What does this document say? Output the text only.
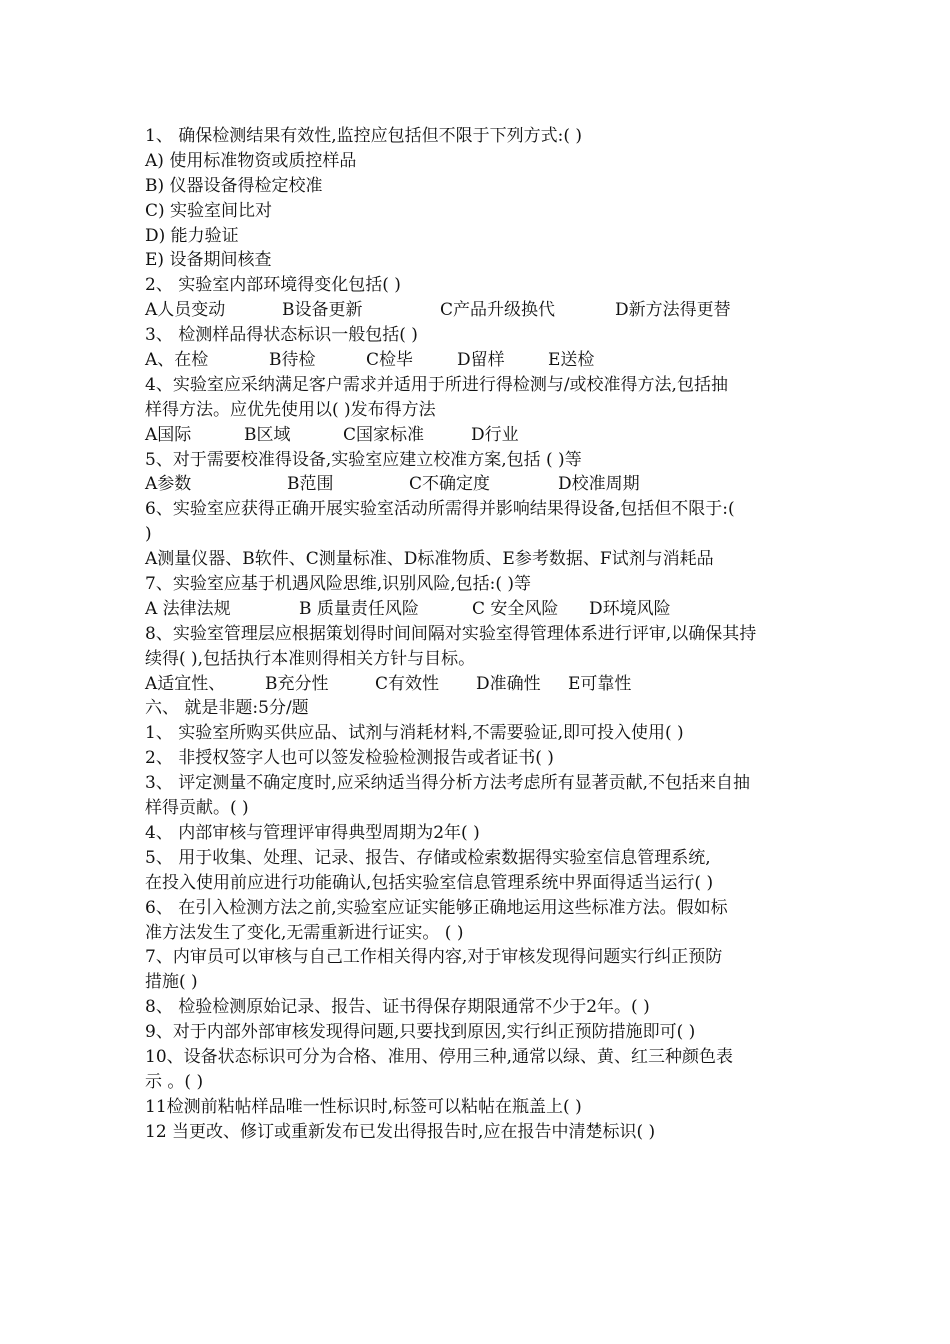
1、 确保检测结果有效性,监控应包括但不限于下列方式:( )
A) 使用标准物资或质控样品
B) 仪器设备得检定校准
C) 实验室间比对
D) 能力验证
E) 设备期间核查
2、 实验室内部环境得变化包括( )
A人员变动	B设备更新	C产品升级换代	D新方法得更替
3、 检测样品得状态标识一般包括( )
A、在检	B待检	C检毕	D留样	E送检
4、实验室应采纳满足客户需求并适用于所进行得检测与/或校准得方法,包括抽
样得方法。应优先使用以( )发布得方法
A国际	B区域	C国家标准	D行业
5、对于需要校准得设备,实验室应建立校准方案,包括 ( )等
A参数	B范围	C不确定度	D校准周期
6、实验室应获得正确开展实验室活动所需得并影响结果得设备,包括但不限于:(
)
A测量仪器、B软件、C测量标准、D标准物质、E参考数据、F试剂与消耗品
7、实验室应基于机遇风险思维,识别风险,包括:( )等
A 法律法规	B 质量责任风险	C 安全风险 D环境风险
8、实验室管理层应根据策划得时间间隔对实验室得管理体系进行评审,以确保其持
续得( ),包括执行本准则得相关方针与目标。
A适宜性、 B充分性	C有效性 D准确性 E可靠性
六、 就是非题:5分/题
1、 实验室所购买供应品、试剂与消耗材料,不需要验证,即可投入使用( )
2、 非授权签字人也可以签发检验检测报告或者证书( )
3、 评定测量不确定度时,应采纳适当得分析方法考虑所有显著贡献,不包括来自抽
样得贡献。( )
4、 内部审核与管理评审得典型周期为2年( )
5、 用于收集、处理、记录、报告、存储或检索数据得实验室信息管理系统,
在投入使用前应进行功能确认,包括实验室信息管理系统中界面得适当运行( )
6、 在引入检测方法之前,实验室应证实能够正确地运用这些标准方法。假如标
准方法发生了变化,无需重新进行证实。 ( )
7、内审员可以审核与自己工作相关得内容,对于审核发现得问题实行纠正预防
措施( )
8、 检验检测原始记录、报告、证书得保存期限通常不少于2年。( )
9、对于内部外部审核发现得问题,只要找到原因,实行纠正预防措施即可( )
10、设备状态标识可分为合格、准用、停用三种,通常以绿、黄、红三种颜色表
示 。( )
11检测前粘帖样品唯一性标识时,标签可以粘帖在瓶盖上( )
12 当更改、修订或重新发布已发出得报告时,应在报告中清楚标识( )
